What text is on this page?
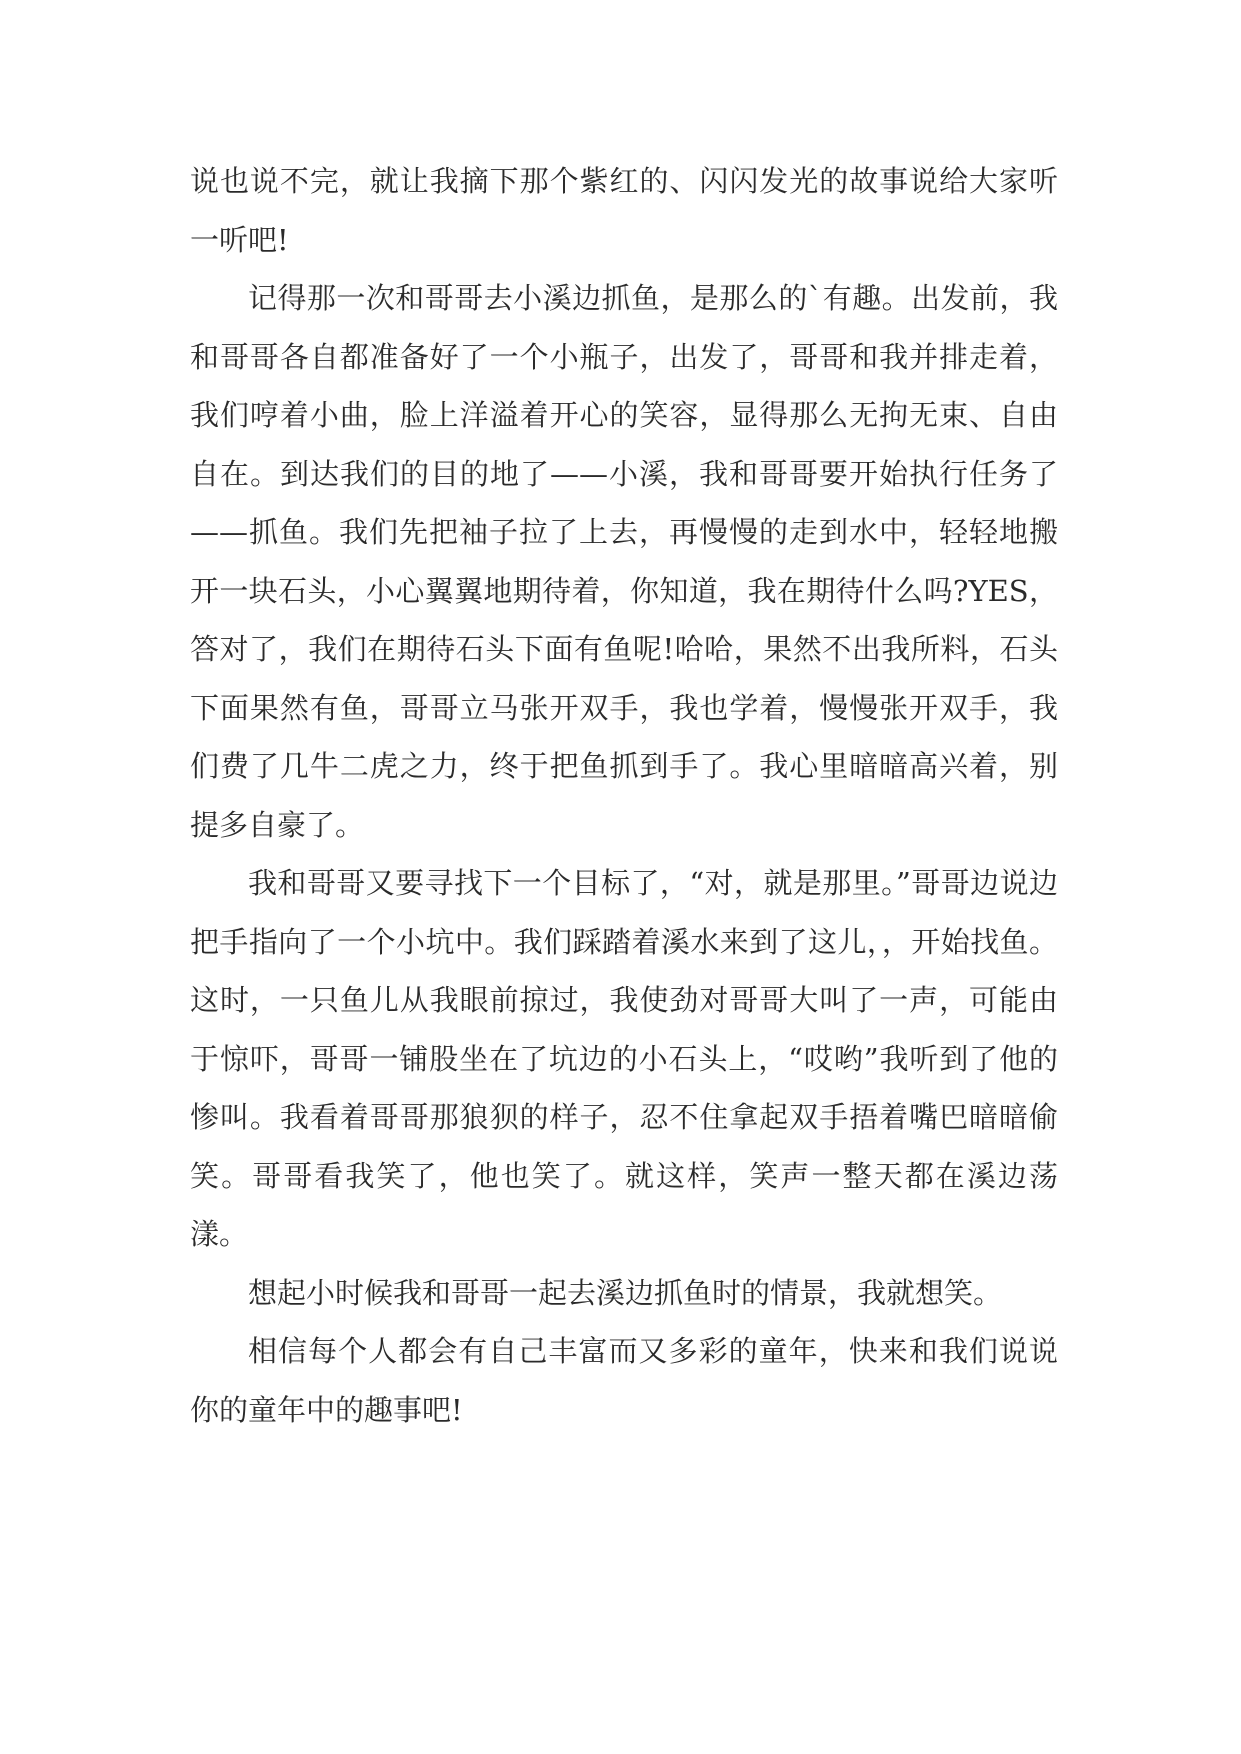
说也说不完，就让我摘下那个紫红的、闪闪发光的故事说给大家听一听吧!

记得那一次和哥哥去小溪边抓鱼，是那么的`有趣。出发前，我和哥哥各自都准备好了一个小瓶子，出发了，哥哥和我并排走着，我们哼着小曲，脸上洋溢着开心的笑容，显得那么无拘无束、自由自在。到达我们的目的地了——小溪，我和哥哥要开始执行任务了——抓鱼。我们先把袖子拉了上去，再慢慢的走到水中，轻轻地搬开一块石头，小心翼翼地期待着，你知道，我在期待什么吗?YES，答对了，我们在期待石头下面有鱼呢!哈哈，果然不出我所料，石头下面果然有鱼，哥哥立马张开双手，我也学着，慢慢张开双手，我们费了几牛二虎之力，终于把鱼抓到手了。我心里暗暗高兴着，别提多自豪了。

我和哥哥又要寻找下一个目标了，“对，就是那里。”哥哥边说边把手指向了一个小坑中。我们踩踏着溪水来到了这儿，，开始找鱼。这时，一只鱼儿从我眼前掠过，我使劲对哥哥大叫了一声，可能由于惊吓，哥哥一铺股坐在了坑边的小石头上，“哎哟”我听到了他的惨叫。我看着哥哥那狼狈的样子，忍不住拿起双手捂着嘴巴暗暗偷笑。哥哥看我笑了，他也笑了。就这样，笑声一整天都在溪边荡漾。

想起小时候我和哥哥一起去溪边抓鱼时的情景，我就想笑。

相信每个人都会有自己丰富而又多彩的童年，快来和我们说说你的童年中的趣事吧!
